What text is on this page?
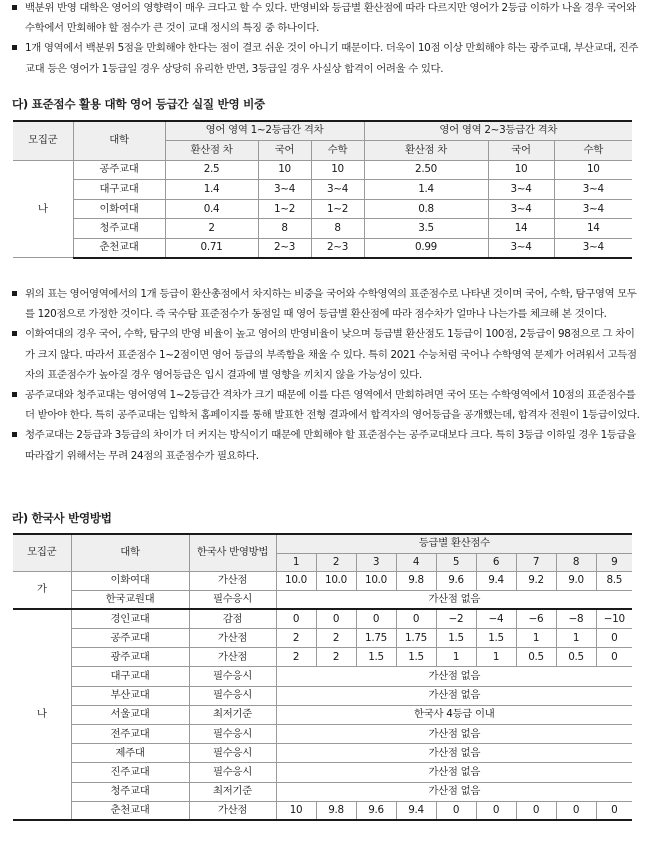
백분위 반영 대학은 영어의 영향력이 매우 크다고 할 수 있다. 반영비와 등급별 환산점에 따라 다르지만 영어가 2등급 이하가 나올 경우 국어와 수학에서 만회해야 할 점수가 큰 것이 교대 정시의 특징 중 하나이다.
1개 영역에서 백분위 5점을 만회해야 한다는 점이 결코 쉬운 것이 아니기 때문이다. 더욱이 10점 이상 만회해야 하는 광주교대, 부산교대, 진주교대 등은 영어가 1등급일 경우 상당히 유리한 반면, 3등급일 경우 사실상 합격이 어려울 수 있다.
다) 표준점수 활용 대학 영어 등급간 실질 반영 비중
모집군	대학	영어 영역 1~2등급간 격차			영어 영역 2~3등급간 격차		
		환산점 차	국어	수학	환산점 차	국어	수학
나	공주교대	2.5	10	10	2.50	10	10
	대구교대	1.4	3~4	3~4	1.4	3~4	3~4
	이화여대	0.4	1~2	1~2	0.8	3~4	3~4
	청주교대	2	8	8	3.5	14	14
	춘천교대	0.71	2~3	2~3	0.99	3~4	3~4
위의 표는 영어영역에서의 1개 등급이 환산총점에서 차지하는 비중을 국어와 수학영역의 표준점수로 나타낸 것이며 국어, 수학, 탐구영역 모두를 120점으로 가정한 것이다. 즉 국수탐 표준점수가 동점일 때 영어 등급별 환산점에 따라 점수차가 얼마나 나는가를 체크해 본 것이다.
이화여대의 경우 국어, 수학, 탐구의 반영 비율이 높고 영어의 반영비율이 낮으며 등급별 환산점도 1등급이 100점, 2등급이 98점으로 그 차이가 크지 않다. 따라서 표준점수 1~2점이면 영어 등급의 부족함을 채울 수 있다. 특히 2021 수능처럼 국어나 수학영역 문제가 어려워서 고득점자의 표준점수가 높아질 경우 영어등급은 입시 결과에 별 영향을 끼치지 않을 가능성이 있다.
공주교대와 청주교대는 영어영역 1~2등급간 격차가 크기 때문에 이를 다른 영역에서 만회하려면 국어 또는 수학영역에서 10점의 표준점수를 더 받아야 한다. 특히 공주교대는 입학처 홈페이지를 통해 발표한 전형 결과에서 합격자의 영어등급을 공개했는데, 합격자 전원이 1등급이었다.
청주교대는 2등급과 3등급의 차이가 더 커지는 방식이기 때문에 만회해야 할 표준점수는 공주교대보다 크다. 특히 3등급 이하일 경우 1등급을 따라잡기 위해서는 무려 24점의 표준점수가 필요하다.
라) 한국사 반영방법
모집군	대학	한국사 반영방법	등급별 환산점수								
			1	2	3	4	5	6	7	8	9
가	이화여대	가산점	10.0	10.0	10.0	9.8	9.6	9.4	9.2	9.0	8.5
	한국교원대	필수응시	가산점 없음								
나	경인교대	감점	0	0	0	0	−2	−4	−6	−8	−10
	공주교대	가산점	2	2	1.75	1.75	1.5	1.5	1	1	0
	광주교대	가산점	2	2	1.5	1.5	1	1	0.5	0.5	0
	대구교대	필수응시	가산점 없음								
	부산교대	필수응시	가산점 없음								
	서울교대	최저기준	한국사 4등급 이내								
	전주교대	필수응시	가산점 없음								
	제주대	필수응시	가산점 없음								
	진주교대	필수응시	가산점 없음								
	청주교대	최저기준	가산점 없음								
	춘천교대	가산점	10	9.8	9.6	9.4	0	0	0	0	0
